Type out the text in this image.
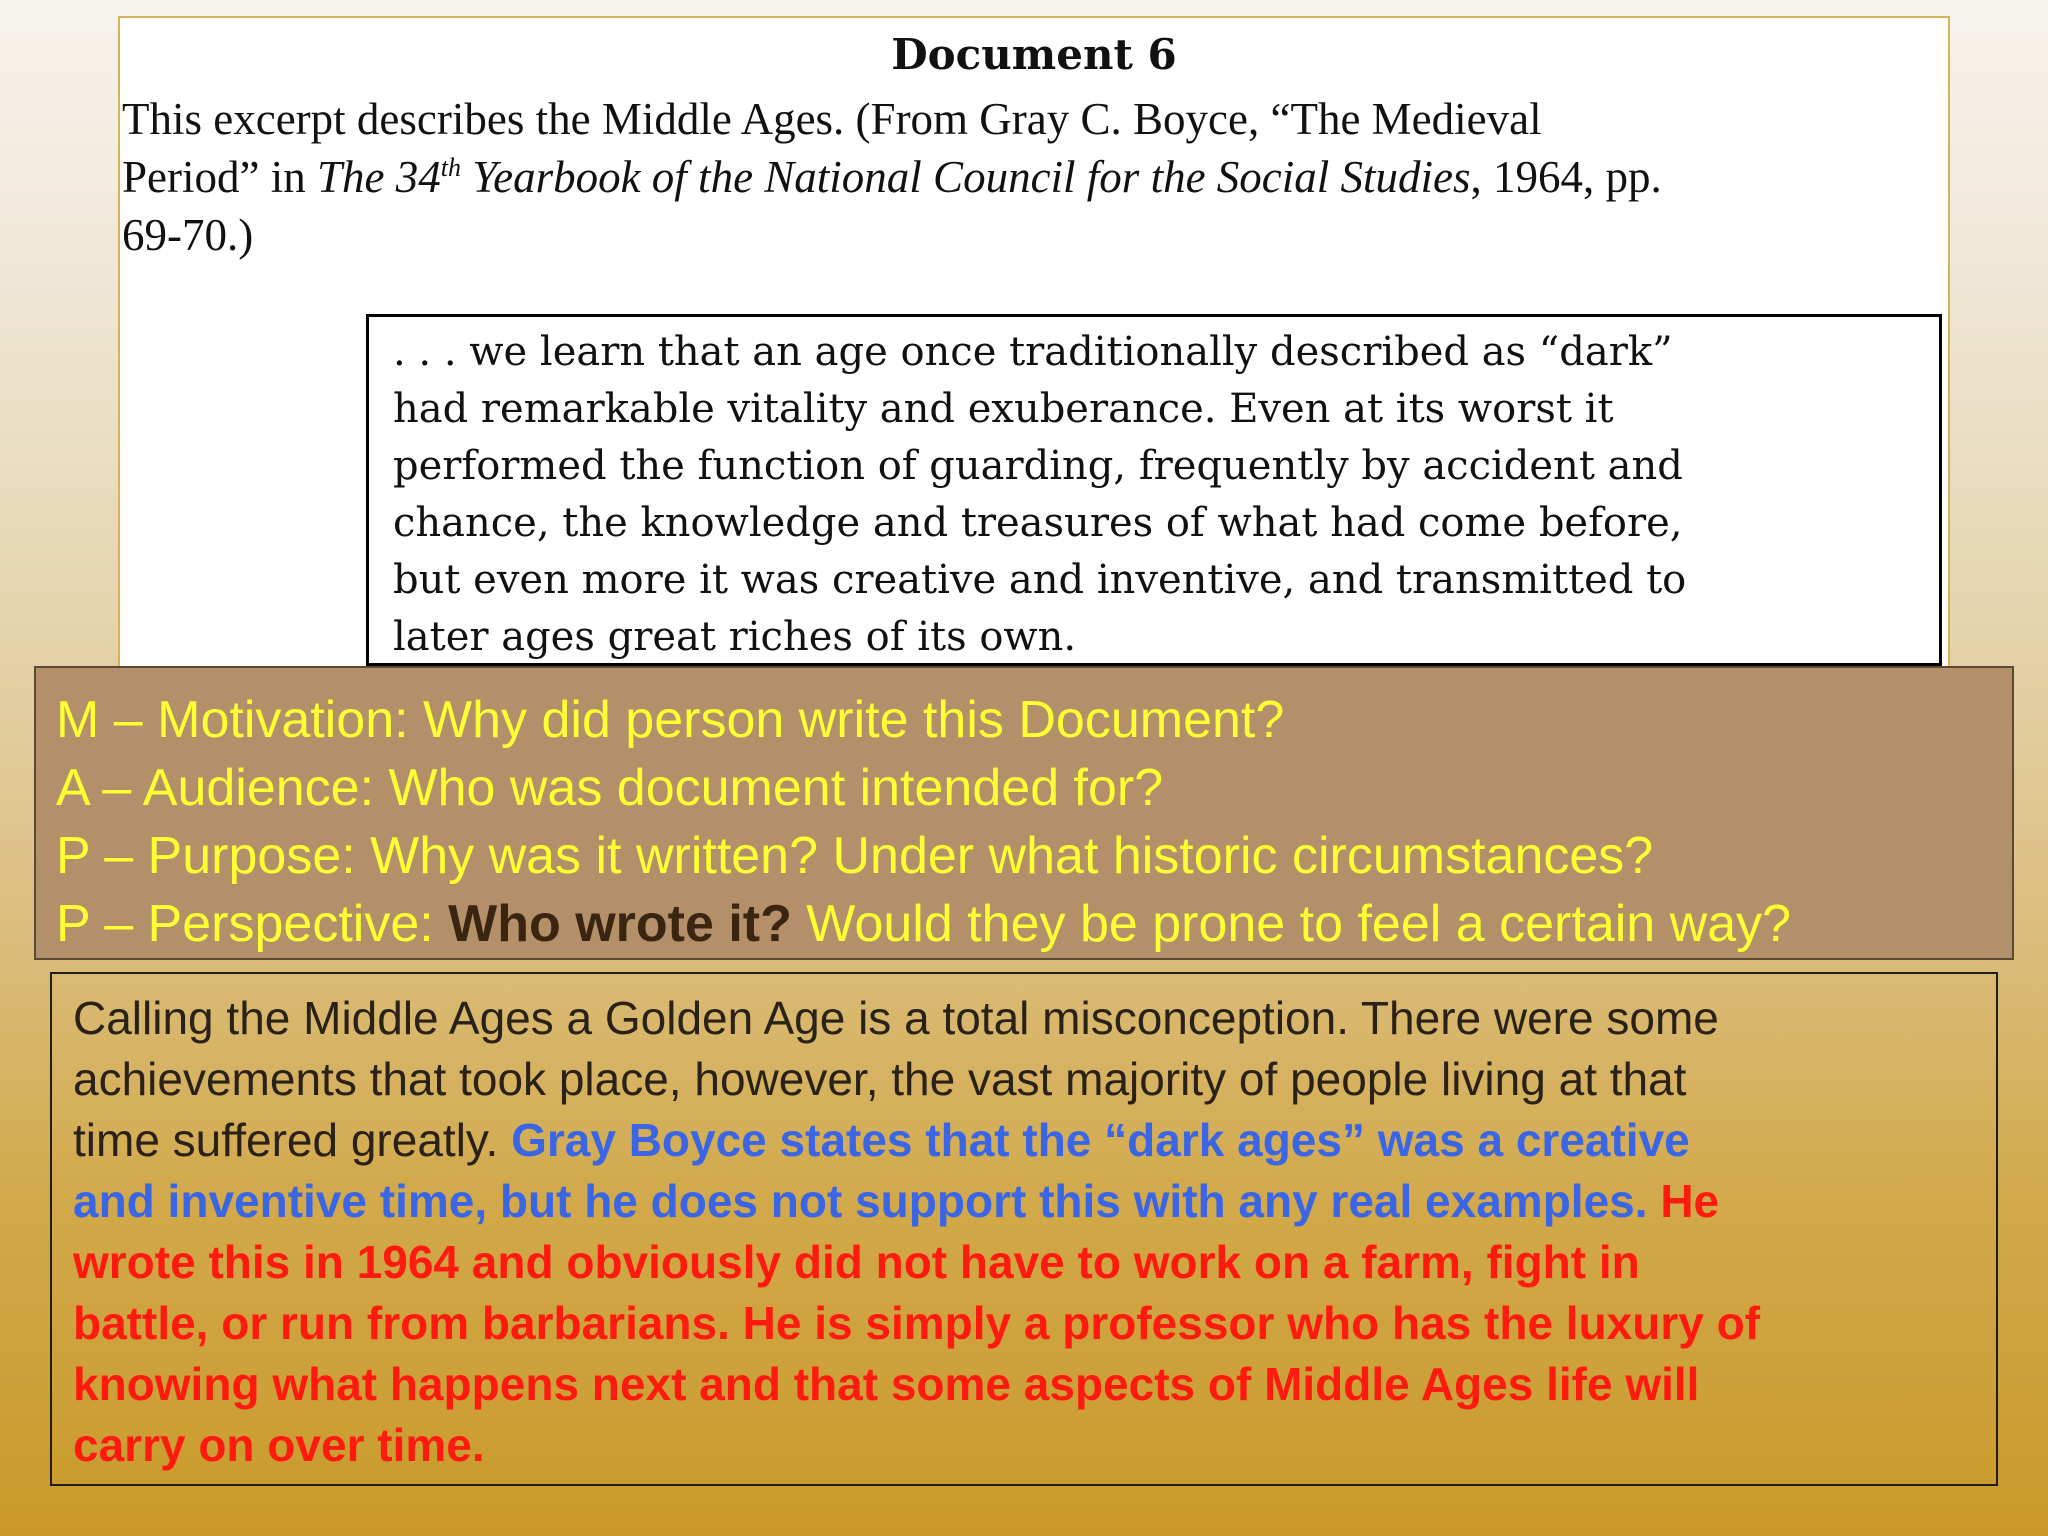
Document 6
This excerpt describes the Middle Ages. (From Gray C. Boyce, “The Medieval
Period” in The 34th Yearbook of the National Council for the Social Studies, 1964, pp.
69-70.)
. . . we learn that an age once traditionally described as “dark”
had remarkable vitality and exuberance. Even at its worst it
performed the function of guarding, frequently by accident and
chance, the knowledge and treasures of what had come before,
but even more it was creative and inventive, and transmitted to
later ages great riches of its own.
M – Motivation: Why did person write this Document?
A – Audience: Who was document intended for?
P – Purpose: Why was it written? Under what historic circumstances?
P – Perspective: Who wrote it? Would they be prone to feel a certain way?
Calling the Middle Ages a Golden Age is a total misconception. There were some
achievements that took place, however, the vast majority of people living at that
time suffered greatly. Gray Boyce states that the “dark ages” was a creative
and inventive time, but he does not support this with any real examples. He
wrote this in 1964 and obviously did not have to work on a farm, fight in
battle, or run from barbarians. He is simply a professor who has the luxury of
knowing what happens next and that some aspects of Middle Ages life will
carry on over time.
